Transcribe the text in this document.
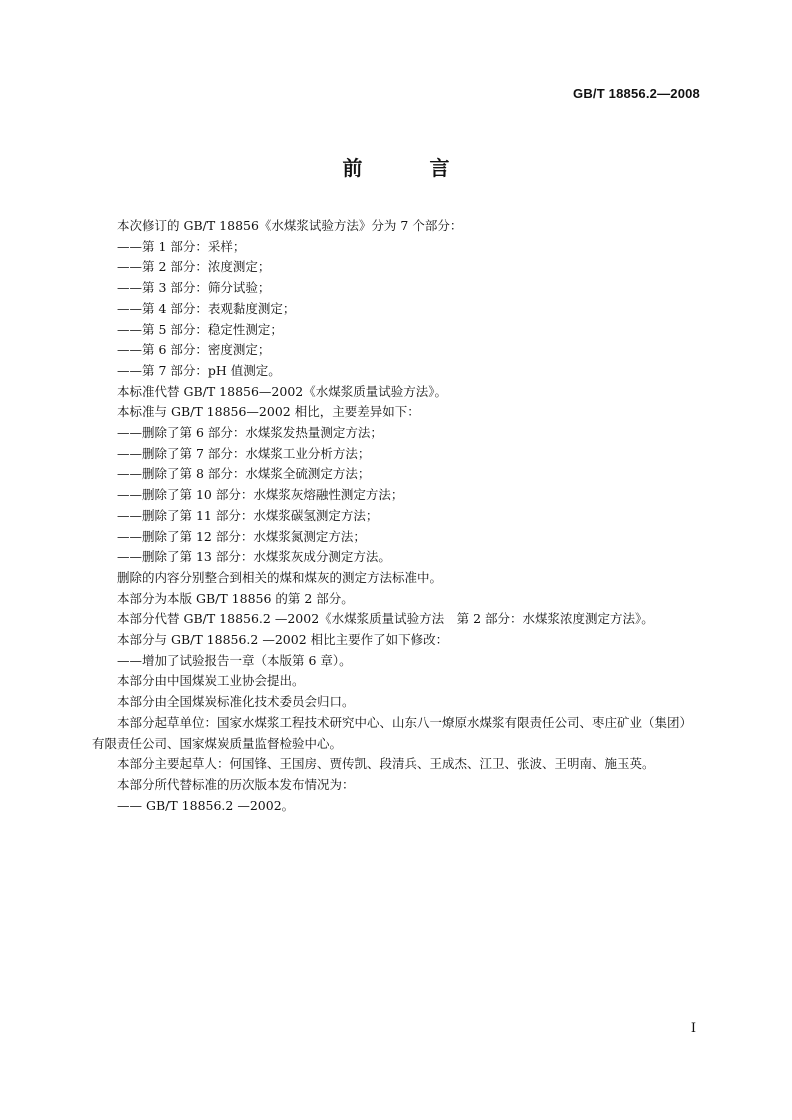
GB/T 18856.2—2008
前 言

本次修订的 GB/T 18856《水煤浆试验方法》分为 7 个部分：

——第 1 部分：采样；

——第 2 部分：浓度测定；

——第 3 部分：筛分试验；

——第 4 部分：表观黏度测定；

——第 5 部分：稳定性测定；

——第 6 部分：密度测定；

——第 7 部分：pH 值测定。

本标准代替 GB/T 18856—2002《水煤浆质量试验方法》。

本标准与 GB/T 18856—2002 相比，主要差异如下：

——删除了第 6 部分：水煤浆发热量测定方法；

——删除了第 7 部分：水煤浆工业分析方法；

——删除了第 8 部分：水煤浆全硫测定方法；

——删除了第 10 部分：水煤浆灰熔融性测定方法；

——删除了第 11 部分：水煤浆碳氢测定方法；

——删除了第 12 部分：水煤浆氮测定方法；

——删除了第 13 部分：水煤浆灰成分测定方法。

删除的内容分别整合到相关的煤和煤灰的测定方法标准中。

本部分为本版 GB/T 18856 的第 2 部分。

本部分代替 GB/T 18856.2 —2002《水煤浆质量试验方法　第 2 部分：水煤浆浓度测定方法》。

本部分与 GB/T 18856.2 —2002 相比主要作了如下修改：

——增加了试验报告一章（本版第 6 章）。

本部分由中国煤炭工业协会提出。

本部分由全国煤炭标准化技术委员会归口。

本部分起草单位：国家水煤浆工程技术研究中心、山东八一燎原水煤浆有限责任公司、枣庄矿业（集团）有限责任公司、国家煤炭质量监督检验中心。

本部分主要起草人：何国锋、王国房、贾传凯、段清兵、王成杰、江卫、张波、王明南、施玉英。

本部分所代替标准的历次版本发布情况为：

—— GB/T 18856.2 —2002。

I
